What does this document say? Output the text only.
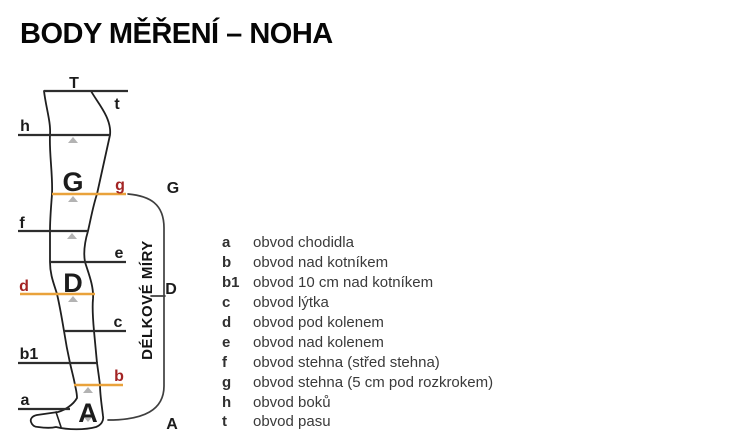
BODY MĚŘENÍ – NOHA
T
t
h
G g
f
e
d D
c
b1
b
a A
G
D
A
DÉLKOVÉ MÍRY	a	obvod chodidla
b	obvod nad kotníkem
b1 obvod 10 cm nad kotníkem
c	obvod lýtka
d	obvod pod kolenem
e	obvod nad kolenem
f	obvod stehna (střed stehna)
g	obvod stehna (5 cm pod rozkrokem)
h	obvod boků
t	obvod pasu
